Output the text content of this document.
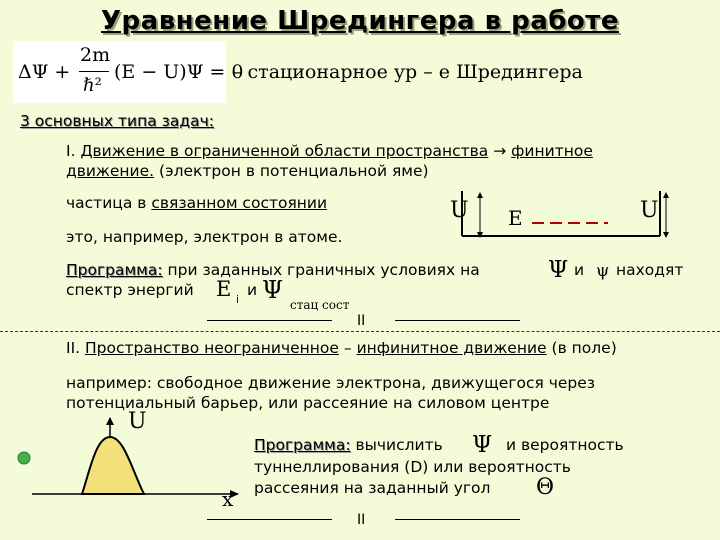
Уравнение Шредингера в работе
ΔΨ +
2m
ℏ²
(E − U)Ψ = 0
– стационарное ур – е Шредингера
3 основных типа задач:
I. Движение в ограниченной области пространства → финитное
движение. (электрон в потенциальной яме)
частица в связанном состоянии
это, например, электрон в атоме.
U E	U
Программа: при заданных граничных условиях на	Ψ и ψ находят
спектр энергий E i
и Ψ
стац сост
II
II. Пространство неограниченное – инфинитное движение (в поле)
например: свободное движение электрона, движущегося через
потенциальный барьер, или рассеяние на силовом центре
U
x
Программа: вычислить Ψ и вероятность
туннеллирования (D) или вероятность
рассеяния на заданный угол Θ
II
